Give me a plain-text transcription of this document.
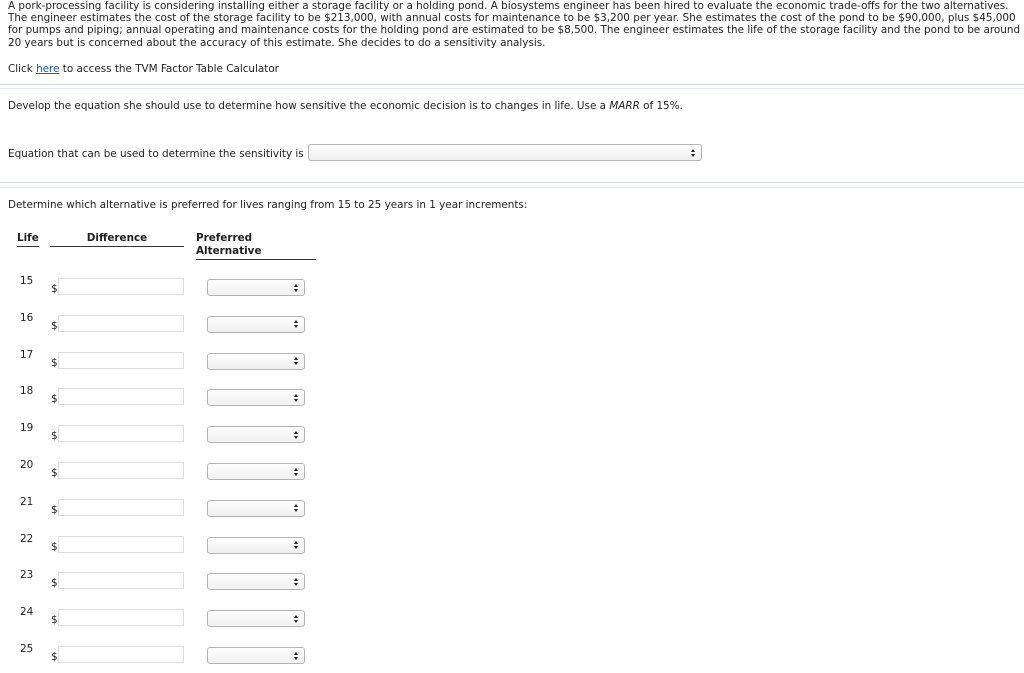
A pork-processing facility is considering installing either a storage facility or a holding pond. A biosystems engineer has been hired to evaluate the economic trade-offs for the two alternatives. The engineer estimates the cost of the storage facility to be $213,000, with annual costs for maintenance to be $3,200 per year. She estimates the cost of the pond to be $90,000, plus $45,000 for pumps and piping; annual operating and maintenance costs for the holding pond are estimated to be $8,500. The engineer estimates the life of the storage facility and the pond to be around 20 years but is concerned about the accuracy of this estimate. She decides to do a sensitivity analysis.

Click here to access the TVM Factor Table Calculator
Develop the equation she should use to determine how sensitive the economic decision is to changes in life. Use a MARR of 15%.
Equation that can be used to determine the sensitivity is
Determine which alternative is preferred for lives ranging from 15 to 25 years in 1 year increments:
Life	Difference	Preferred Alternative
15
$
16
$
17
$
18
$
19
$
20
$
21
$
22
$
23
$
24
$
25
$
